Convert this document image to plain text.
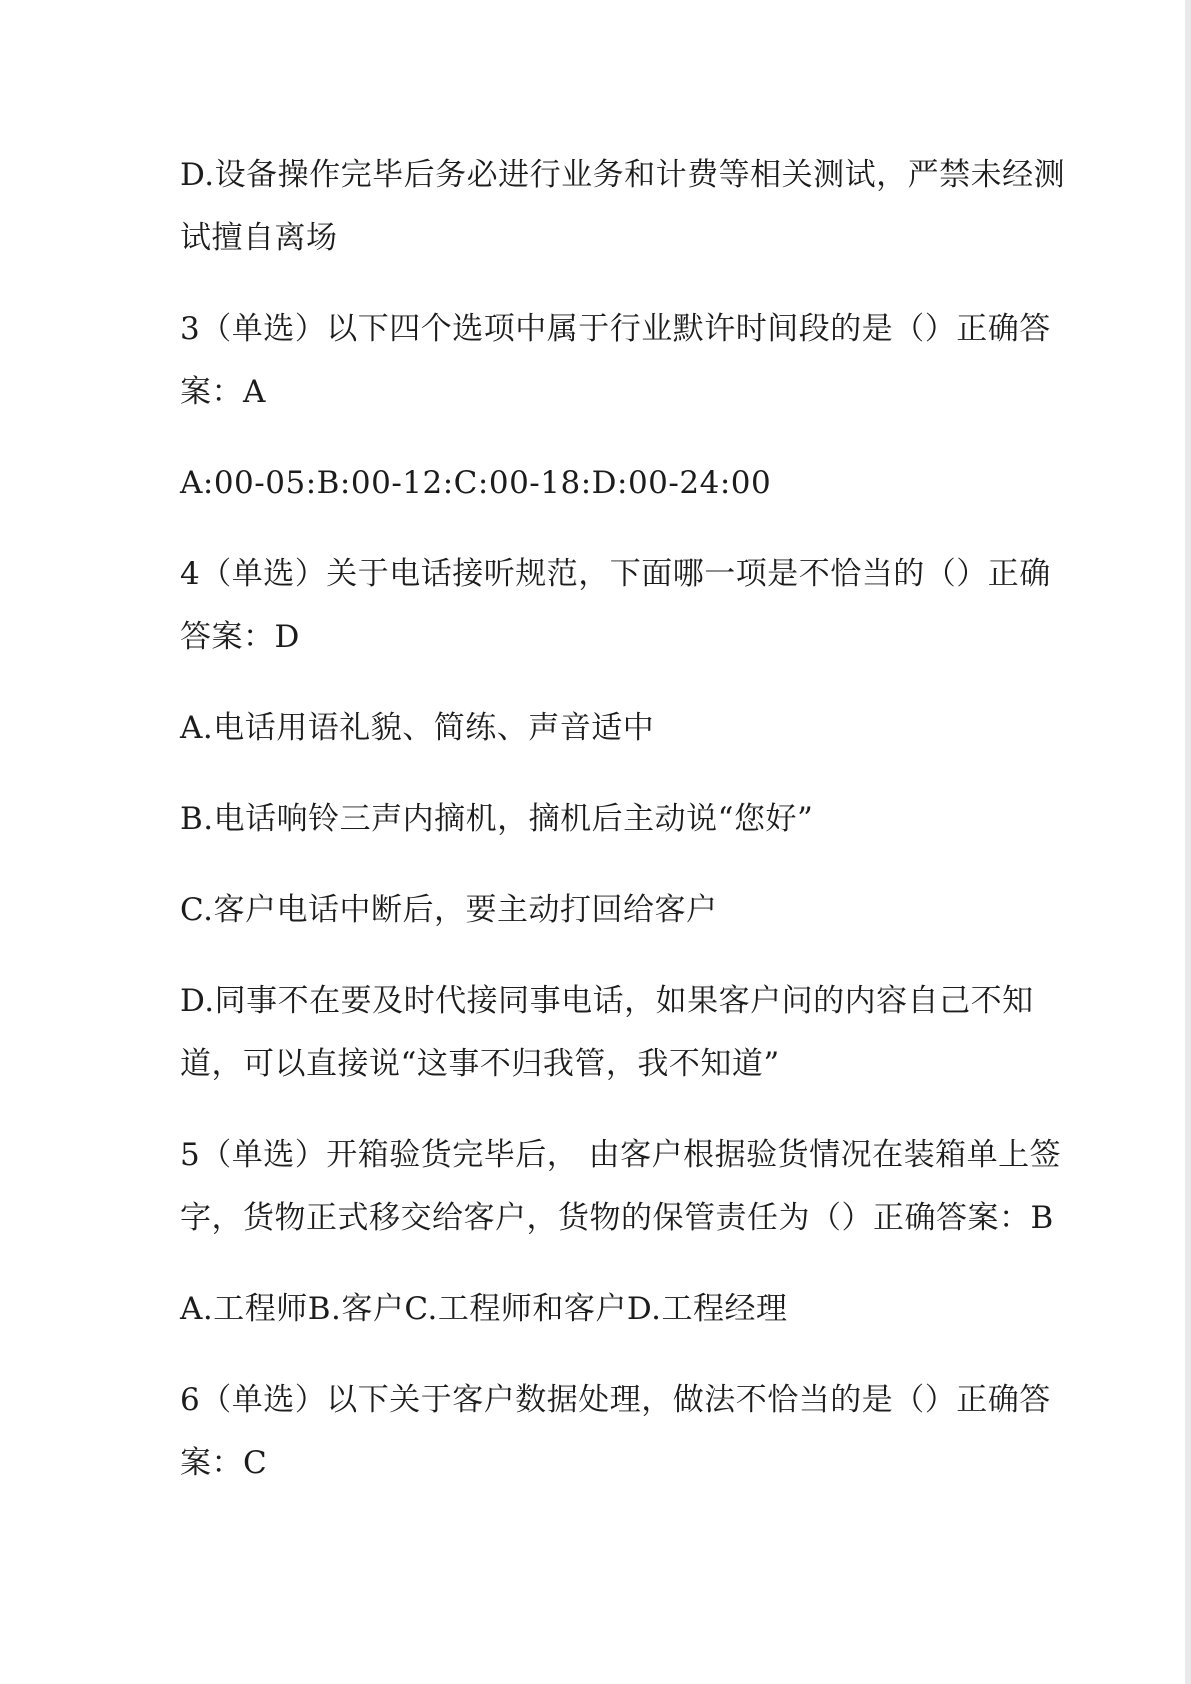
D.设备操作完毕后务必进行业务和计费等相关测试，严禁未经测
试擅自离场
3（单选）以下四个选项中属于行业默许时间段的是（）正确答
案：A
A:00-05:B:00-12:C:00-18:D:00-24:00
4（单选）关于电话接听规范，下面哪一项是不恰当的（）正确
答案：D
A.电话用语礼貌、简练、声音适中
B.电话响铃三声内摘机，摘机后主动说“您好”
C.客户电话中断后，要主动打回给客户
D.同事不在要及时代接同事电话，如果客户问的内容自己不知
道，可以直接说“这事不归我管，我不知道”
5（单选）开箱验货完毕后， 由客户根据验货情况在装箱单上签
字，货物正式移交给客户，货物的保管责任为（）正确答案：B
A.工程师B.客户C.工程师和客户D.工程经理
6（单选）以下关于客户数据处理，做法不恰当的是（）正确答
案：C
